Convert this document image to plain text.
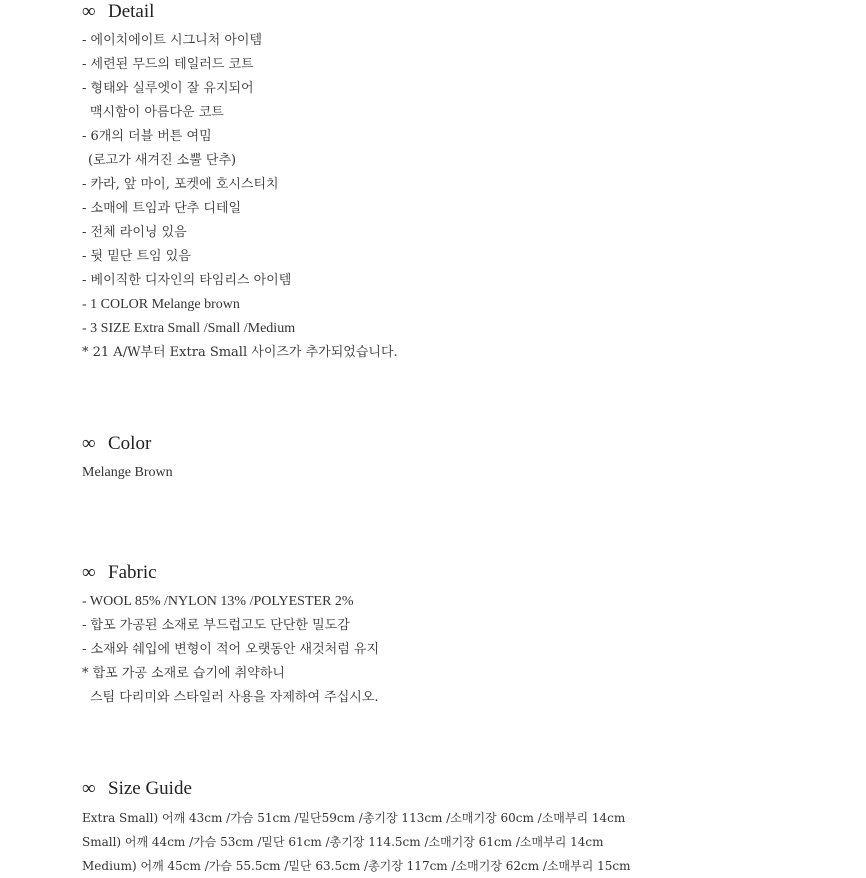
∞ Detail
- 에이치에이트 시그니처 아이템
- 세련된 무드의 테일러드 코트
- 형태와 실루엣이 잘 유지되어
맥시함이 아름다운 코트
- 6개의 더블 버튼 여밈
(로고가 새겨진 소뿔 단추)
- 카라, 앞 마이, 포켓에 호시스티치
- 소매에 트임과 단추 디테일
- 전체 라이닝 있음
- 뒷 밑단 트임 있음
- 베이직한 디자인의 타임리스 아이템
- 1 COLOR Melange brown
- 3 SIZE Extra Small /Small /Medium
* 21 A/W부터 Extra Small 사이즈가 추가되었습니다.
∞ Color
Melange Brown
∞ Fabric
- WOOL 85% /NYLON 13% /POLYESTER 2%
- 합포 가공된 소재로 부드럽고도 단단한 밀도감
- 소재와 쉐입에 변형이 적어 오랫동안 새것처럼 유지
* 합포 가공 소재로 습기에 취약하니
스팀 다리미와 스타일러 사용을 자제하여 주십시오.
∞ Size Guide
Extra Small) 어깨 43cm /가슴 51cm /밑단59cm /총기장 113cm /소매기장 60cm /소매부리 14cm
Small) 어깨 44cm /가슴 53cm /밑단 61cm /총기장 114.5cm /소매기장 61cm /소매부리 14cm
Medium) 어깨 45cm /가슴 55.5cm /밑단 63.5cm /총기장 117cm /소매기장 62cm /소매부리 15cm
